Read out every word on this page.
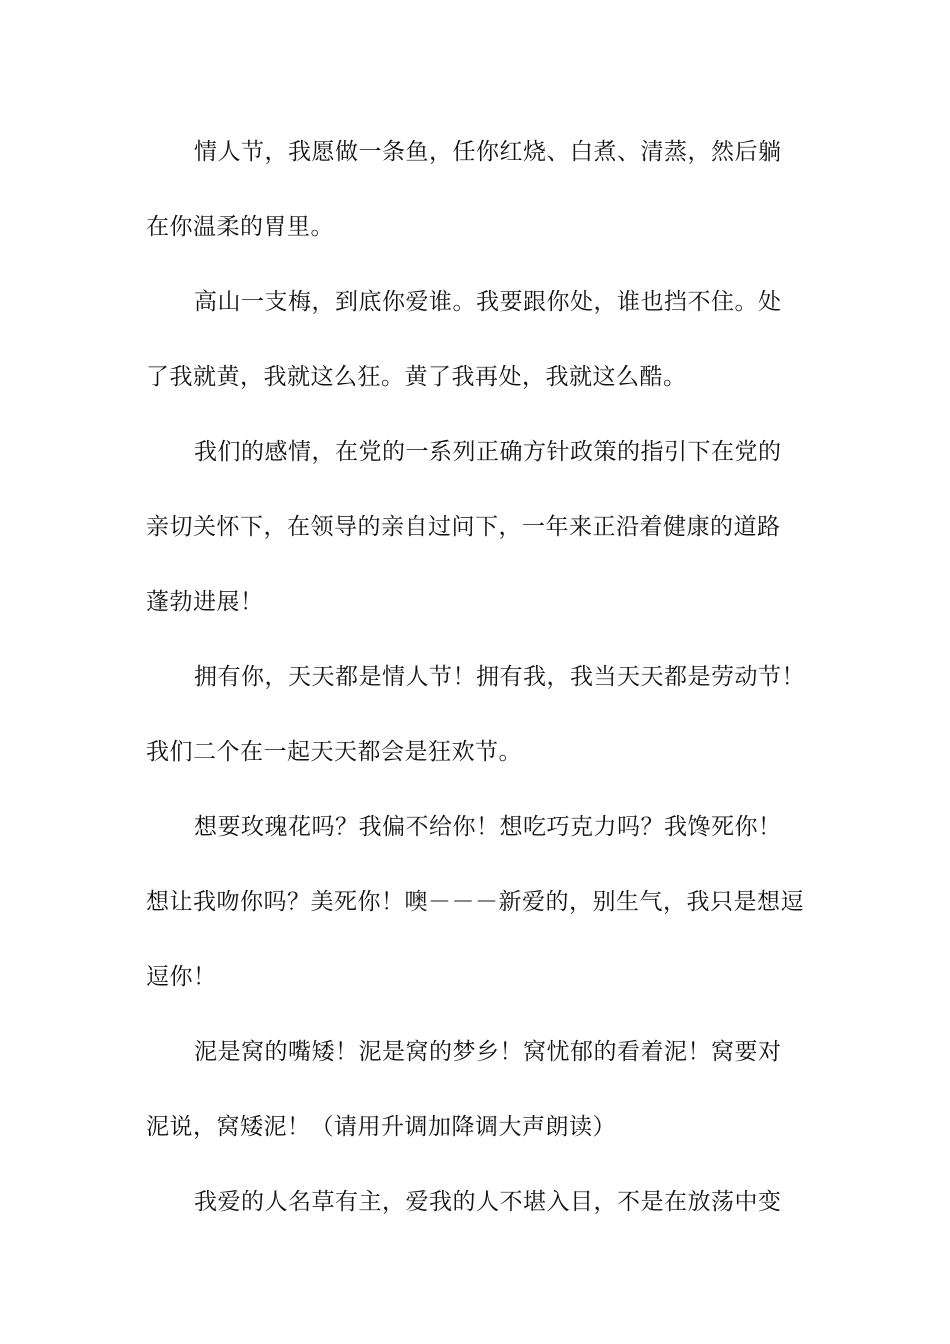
情人节，我愿做一条鱼，任你红烧、白煮、清蒸，然后躺
在你温柔的胃里。
高山一支梅，到底你爱谁。我要跟你处，谁也挡不住。处
了我就黄，我就这么狂。黄了我再处，我就这么酷。
我们的感情，在党的一系列正确方针政策的指引下在党的
亲切关怀下，在领导的亲自过问下，一年来正沿着健康的道路
蓬勃进展！
拥有你，天天都是情人节！拥有我，我当天天都是劳动节！
我们二个在一起天天都会是狂欢节。
想要玫瑰花吗？我偏不给你！想吃巧克力吗？我馋死你！
想让我吻你吗？美死你！噢－－－新爱的，别生气，我只是想逗
逗你！
泥是窝的嘴矮！泥是窝的梦乡！窝忧郁的看着泥！窝要对
泥说，窝矮泥！（请用升调加降调大声朗读）
我爱的人名草有主，爱我的人不堪入目，不是在放荡中变
